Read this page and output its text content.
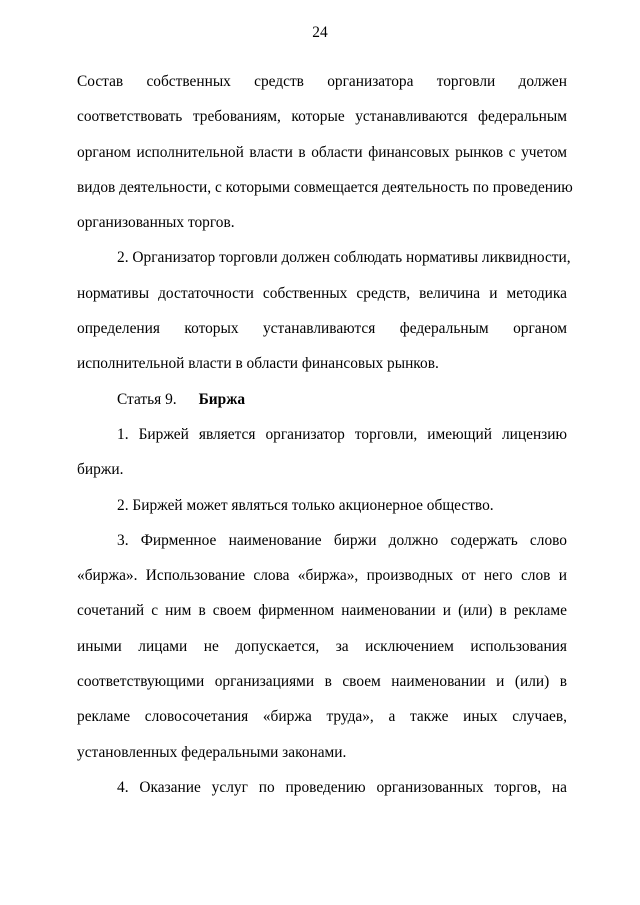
24
Состав собственных средств организатора торговли должен
соответствовать требованиям, которые устанавливаются федеральным
органом исполнительной власти в области финансовых рынков с учетом
видов деятельности, с которыми совмещается деятельность по проведению
организованных торгов.
2. Организатор торговли должен соблюдать нормативы ликвидности,
нормативы достаточности собственных средств, величина и методика
определения которых устанавливаются федеральным органом
исполнительной власти в области финансовых рынков.
Статья 9. Биржа
1. Биржей является организатор торговли, имеющий лицензию
биржи.
2. Биржей может являться только акционерное общество.
3. Фирменное наименование биржи должно содержать слово
«биржа». Использование слова «биржа», производных от него слов и
сочетаний с ним в своем фирменном наименовании и (или) в рекламе
иными лицами не допускается, за исключением использования
соответствующими организациями в своем наименовании и (или) в
рекламе словосочетания «биржа труда», а также иных случаев,
установленных федеральными законами.
4. Оказание услуг по проведению организованных торгов, на
